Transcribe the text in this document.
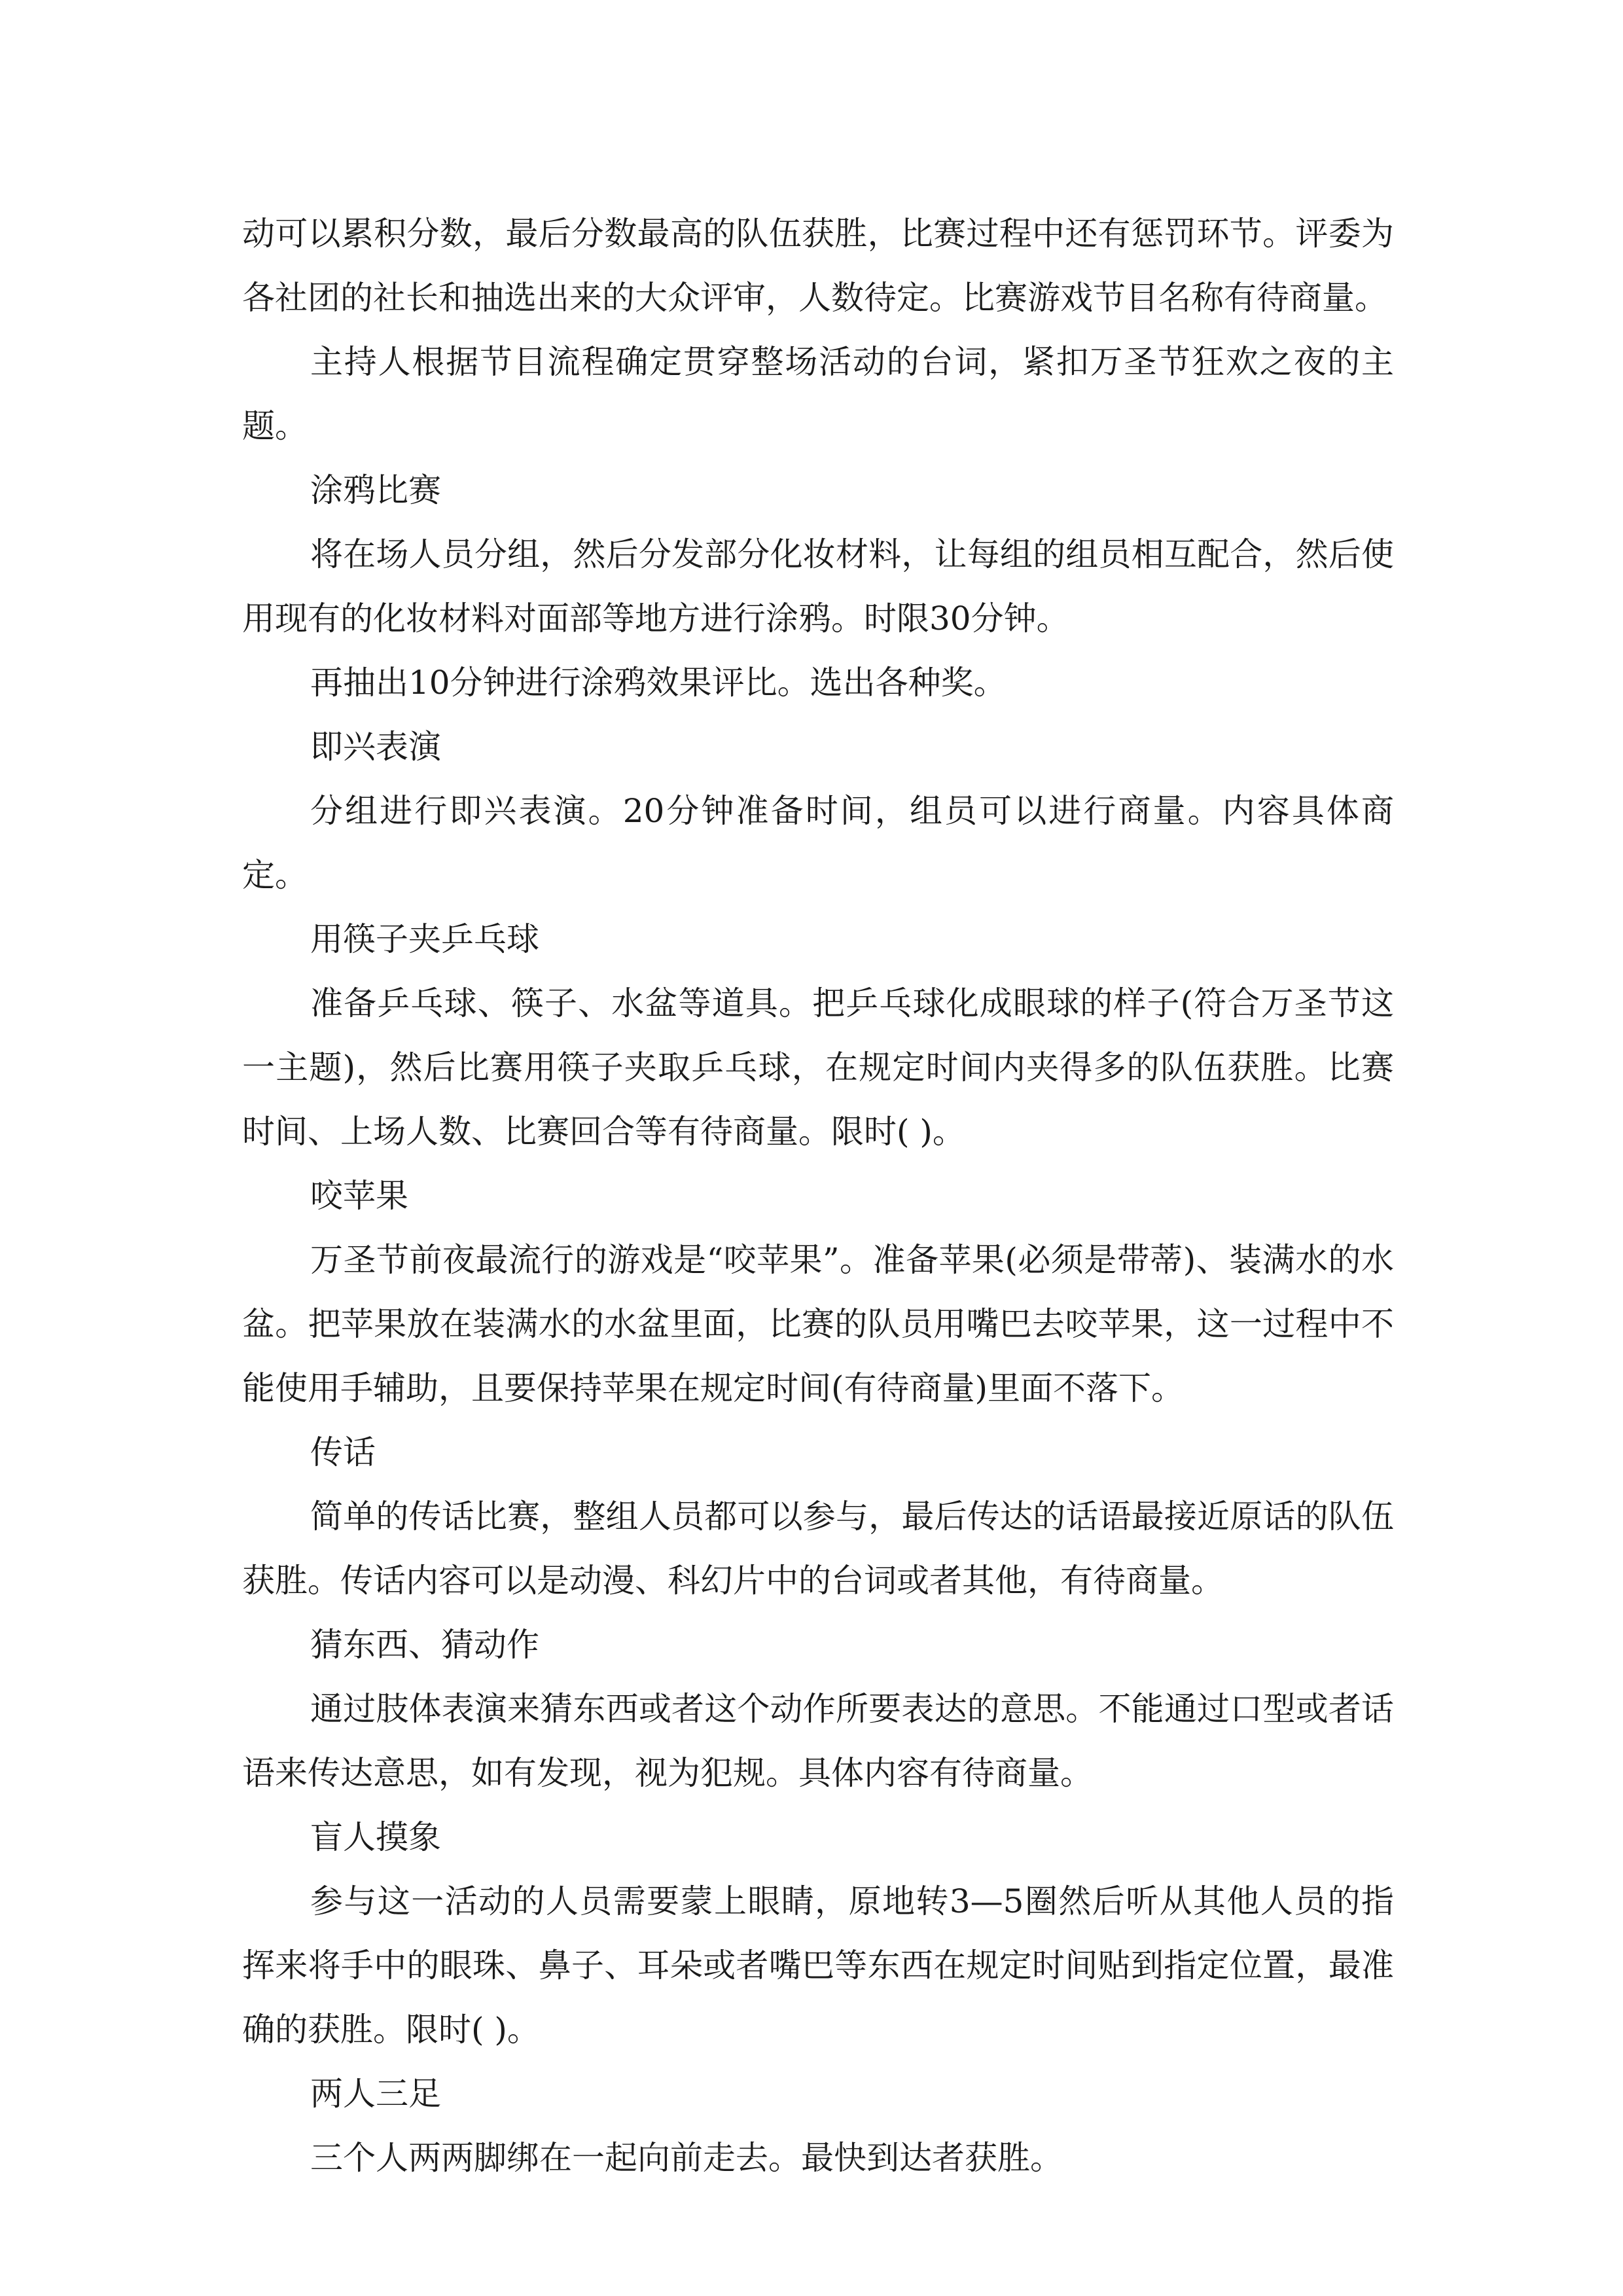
动可以累积分数，最后分数最高的队伍获胜，比赛过程中还有惩罚环节。评委为各社团的社长和抽选出来的大众评审，人数待定。比赛游戏节目名称有待商量。

主持人根据节目流程确定贯穿整场活动的台词，紧扣万圣节狂欢之夜的主题。

涂鸦比赛

将在场人员分组，然后分发部分化妆材料，让每组的组员相互配合，然后使用现有的化妆材料对面部等地方进行涂鸦。时限30分钟。

再抽出10分钟进行涂鸦效果评比。选出各种奖。

即兴表演

分组进行即兴表演。20分钟准备时间，组员可以进行商量。内容具体商定。

用筷子夹乒乓球

准备乒乓球、筷子、水盆等道具。把乒乓球化成眼球的样子(符合万圣节这一主题)，然后比赛用筷子夹取乒乓球，在规定时间内夹得多的队伍获胜。比赛时间、上场人数、比赛回合等有待商量。限时( )。

咬苹果

万圣节前夜最流行的游戏是“咬苹果”。准备苹果(必须是带蒂)、装满水的水盆。把苹果放在装满水的水盆里面，比赛的队员用嘴巴去咬苹果，这一过程中不能使用手辅助，且要保持苹果在规定时间(有待商量)里面不落下。

传话

简单的传话比赛，整组人员都可以参与，最后传达的话语最接近原话的队伍获胜。传话内容可以是动漫、科幻片中的台词或者其他，有待商量。

猜东西、猜动作

通过肢体表演来猜东西或者这个动作所要表达的意思。不能通过口型或者话语来传达意思，如有发现，视为犯规。具体内容有待商量。

盲人摸象

参与这一活动的人员需要蒙上眼睛，原地转3—5圈然后听从其他人员的指挥来将手中的眼珠、鼻子、耳朵或者嘴巴等东西在规定时间贴到指定位置，最准确的获胜。限时( )。

两人三足

三个人两两脚绑在一起向前走去。最快到达者获胜。
